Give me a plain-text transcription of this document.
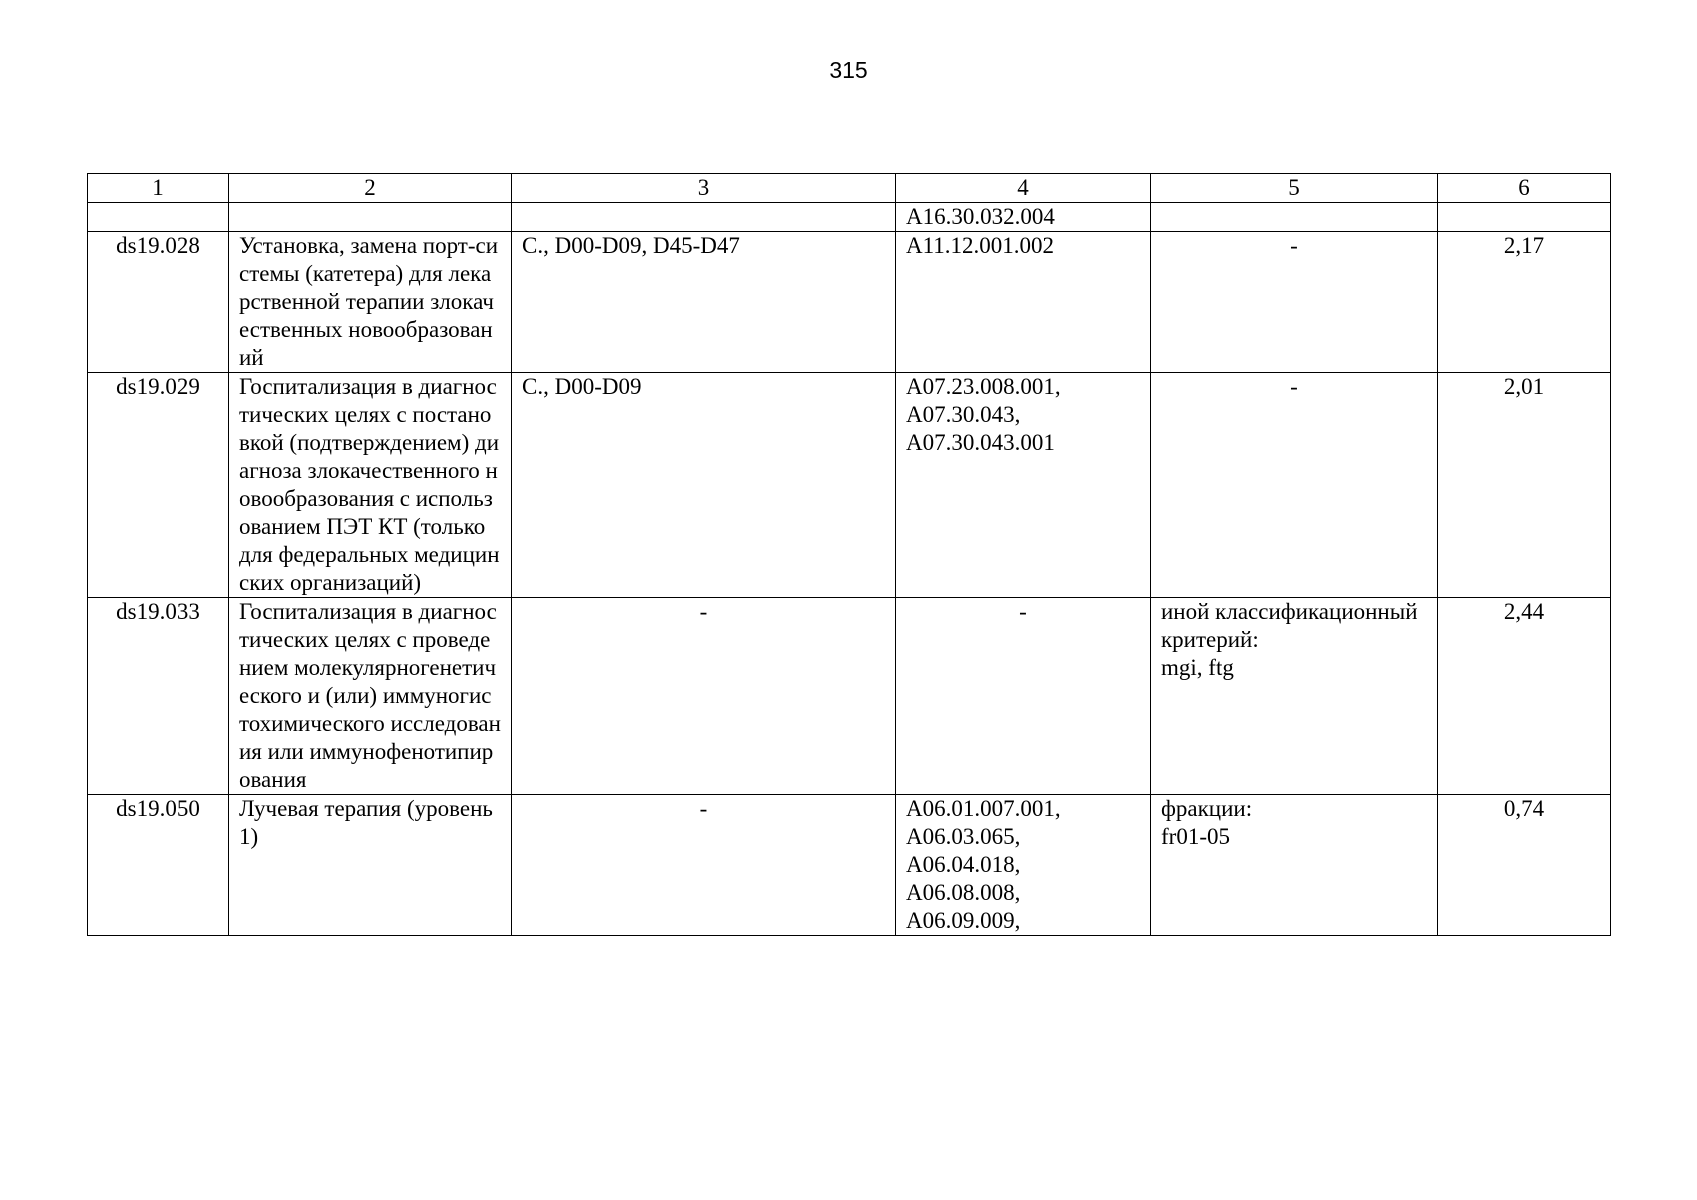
315
1	2	3	4	5	6

			A16.30.032.004		

ds19.028	Установка, замена порт-системы (катетера) для лекарственной терапии злокачественных новообразований	C., D00-D09, D45-D47	A11.12.001.002	-	2,17
ds19.029	Госпитализация в диагностических целях с постановкой (подтверждением) диагноза злокачественного новообразования с использованием ПЭТ КТ (только для федеральных медицинских организаций)	C., D00-D09	A07.23.008.001,
A07.30.043,
A07.30.043.001	-	2,01
ds19.033	Госпитализация в диагностических целях с проведением молекулярногенетического и (или) иммуногистохимического исследования или иммунофенотипирования	-	-	иной классификационный критерий:
mgi, ftg	2,44
ds19.050	Лучевая терапия (уровень 1)	-	A06.01.007.001,
A06.03.065,
A06.04.018,
A06.08.008,
A06.09.009,	фракции:
fr01-05	0,74
